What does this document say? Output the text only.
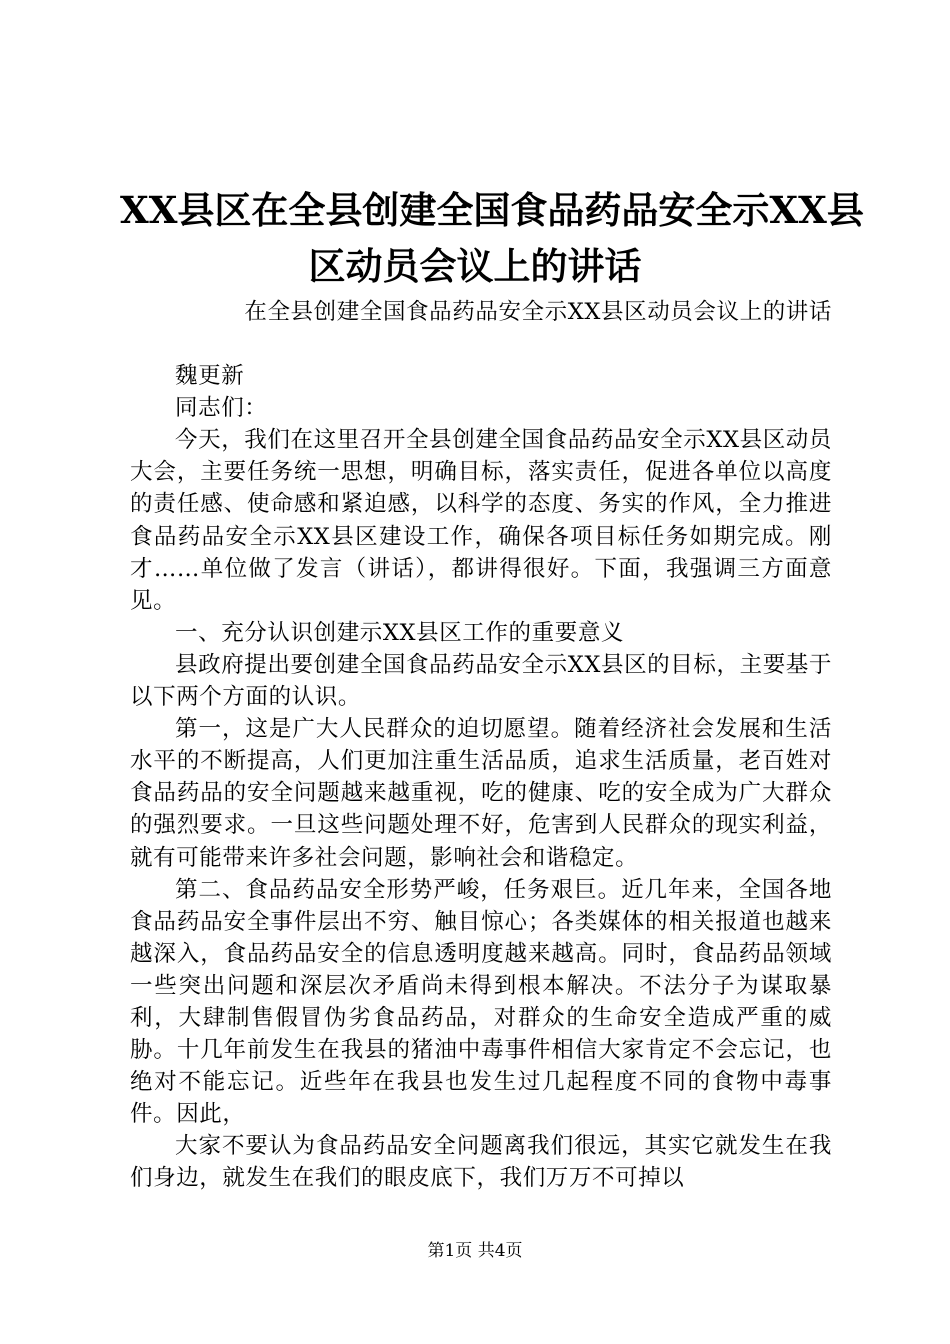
XX县区在全县创建全国食品药品安全示XX县
区动员会议上的讲话

在全县创建全国食品药品安全示XX县区动员会议上的讲话

魏更新

同志们：

今天，我们在这里召开全县创建全国食品药品安全示XX县区动员大会，主要任务统一思想，明确目标，落实责任，促进各单位以高度的责任感、使命感和紧迫感，以科学的态度、务实的作风，全力推进食品药品安全示XX县区建设工作，确保各项目标任务如期完成。刚才……单位做了发言（讲话），都讲得很好。下面，我强调三方面意见。

一、充分认识创建示XX县区工作的重要意义

县政府提出要创建全国食品药品安全示XX县区的目标，主要基于以下两个方面的认识。

第一，这是广大人民群众的迫切愿望。随着经济社会发展和生活水平的不断提高，人们更加注重生活品质，追求生活质量，老百姓对食品药品的安全问题越来越重视，吃的健康、吃的安全成为广大群众的强烈要求。一旦这些问题处理不好，危害到人民群众的现实利益，就有可能带来许多社会问题，影响社会和谐稳定。

第二、食品药品安全形势严峻，任务艰巨。近几年来，全国各地食品药品安全事件层出不穷、触目惊心；各类媒体的相关报道也越来越深入，食品药品安全的信息透明度越来越高。同时，食品药品领域一些突出问题和深层次矛盾尚未得到根本解决。不法分子为谋取暴利，大肆制售假冒伪劣食品药品，对群众的生命安全造成严重的威胁。十几年前发生在我县的猪油中毒事件相信大家肯定不会忘记，也绝对不能忘记。近些年在我县也发生过几起程度不同的食物中毒事件。因此，

大家不要认为食品药品安全问题离我们很远，其实它就发生在我们身边，就发生在我们的眼皮底下，我们万万不可掉以

第1页 共4页
